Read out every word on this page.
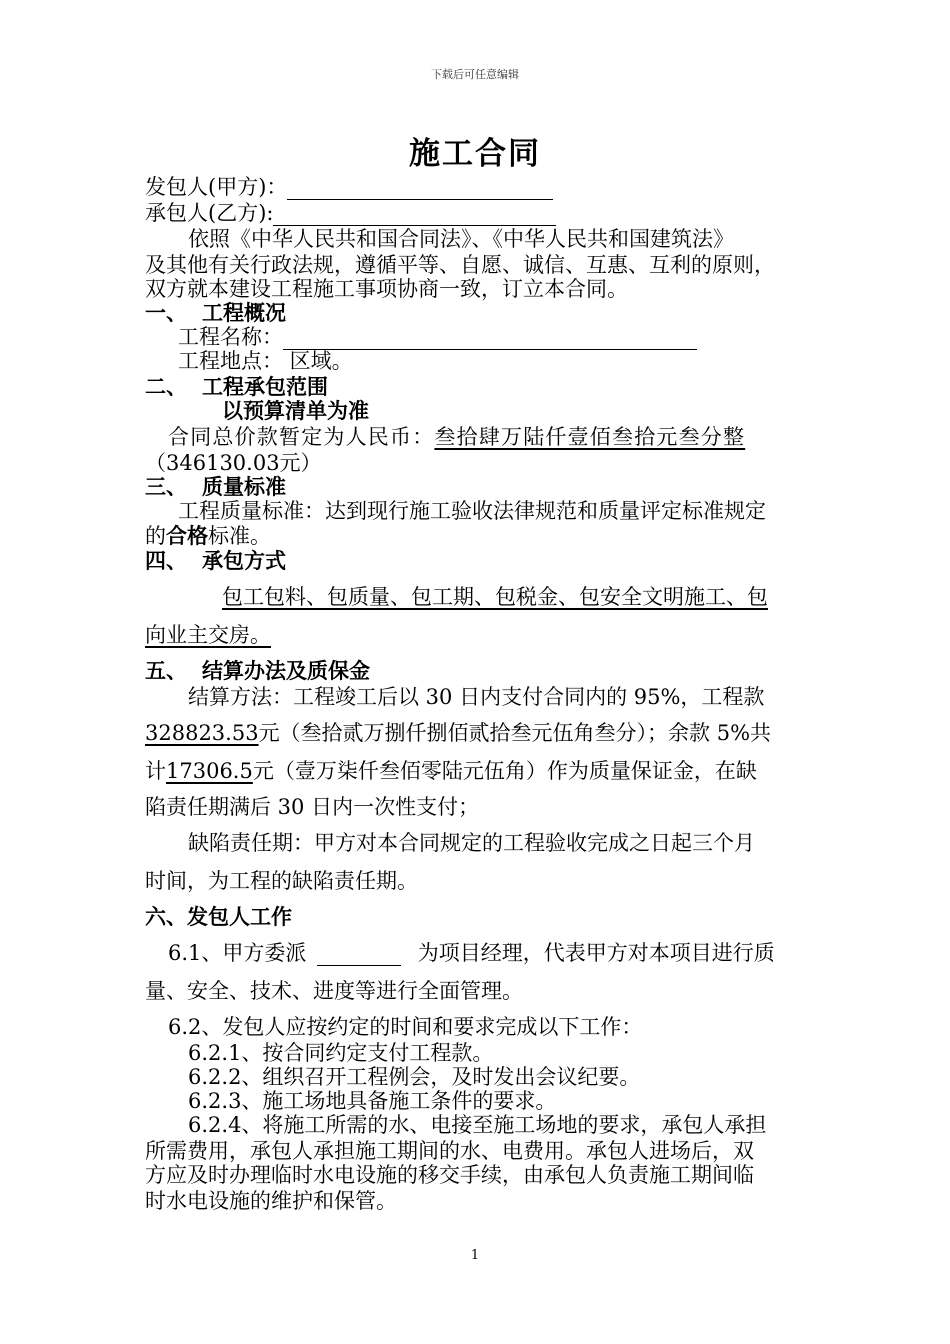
下载后可任意编辑
施工合同
发包人(甲方)：
承包人(乙方):
依照《中华人民共和国合同法》、《中华人民共和国建筑法》
及其他有关行政法规，遵循平等、自愿、诚信、互惠、互利的原则，
双方就本建设工程施工事项协商一致，订立本合同。
一、 工程概况
工程名称：
工程地点： 区域。
二、 工程承包范围
以预算清单为准
合同总价款暂定为人民币：叁拾肆万陆仟壹佰叁拾元叁分整
（346130.03元）
三、 质量标准
工程质量标准：达到现行施工验收法律规范和质量评定标准规定
的合格标准。
四、 承包方式
包工包料、包质量、包工期、包税金、包安全文明施工、包
向业主交房。
五、 结算办法及质保金
结算方法：工程竣工后以 30 日内支付合同内的 95%，工程款
328823.53元（叁拾贰万捌仟捌佰贰拾叁元伍角叁分）；余款 5%共
计17306.5元（壹万柒仟叁佰零陆元伍角）作为质量保证金，在缺
陷责任期满后 30 日内一次性支付；
缺陷责任期：甲方对本合同规定的工程验收完成之日起三个月
时间，为工程的缺陷责任期。
六、发包人工作
6.1、甲方委派	为项目经理，代表甲方对本项目进行质
量、安全、技术、进度等进行全面管理。
6.2、发包人应按约定的时间和要求完成以下工作：
6.2.1、按合同约定支付工程款。
6.2.2、组织召开工程例会，及时发出会议纪要。
6.2.3、施工场地具备施工条件的要求。
6.2.4、将施工所需的水、电接至施工场地的要求，承包人承担
所需费用，承包人承担施工期间的水、电费用。承包人进场后，双
方应及时办理临时水电设施的移交手续，由承包人负责施工期间临
时水电设施的维护和保管。
1
